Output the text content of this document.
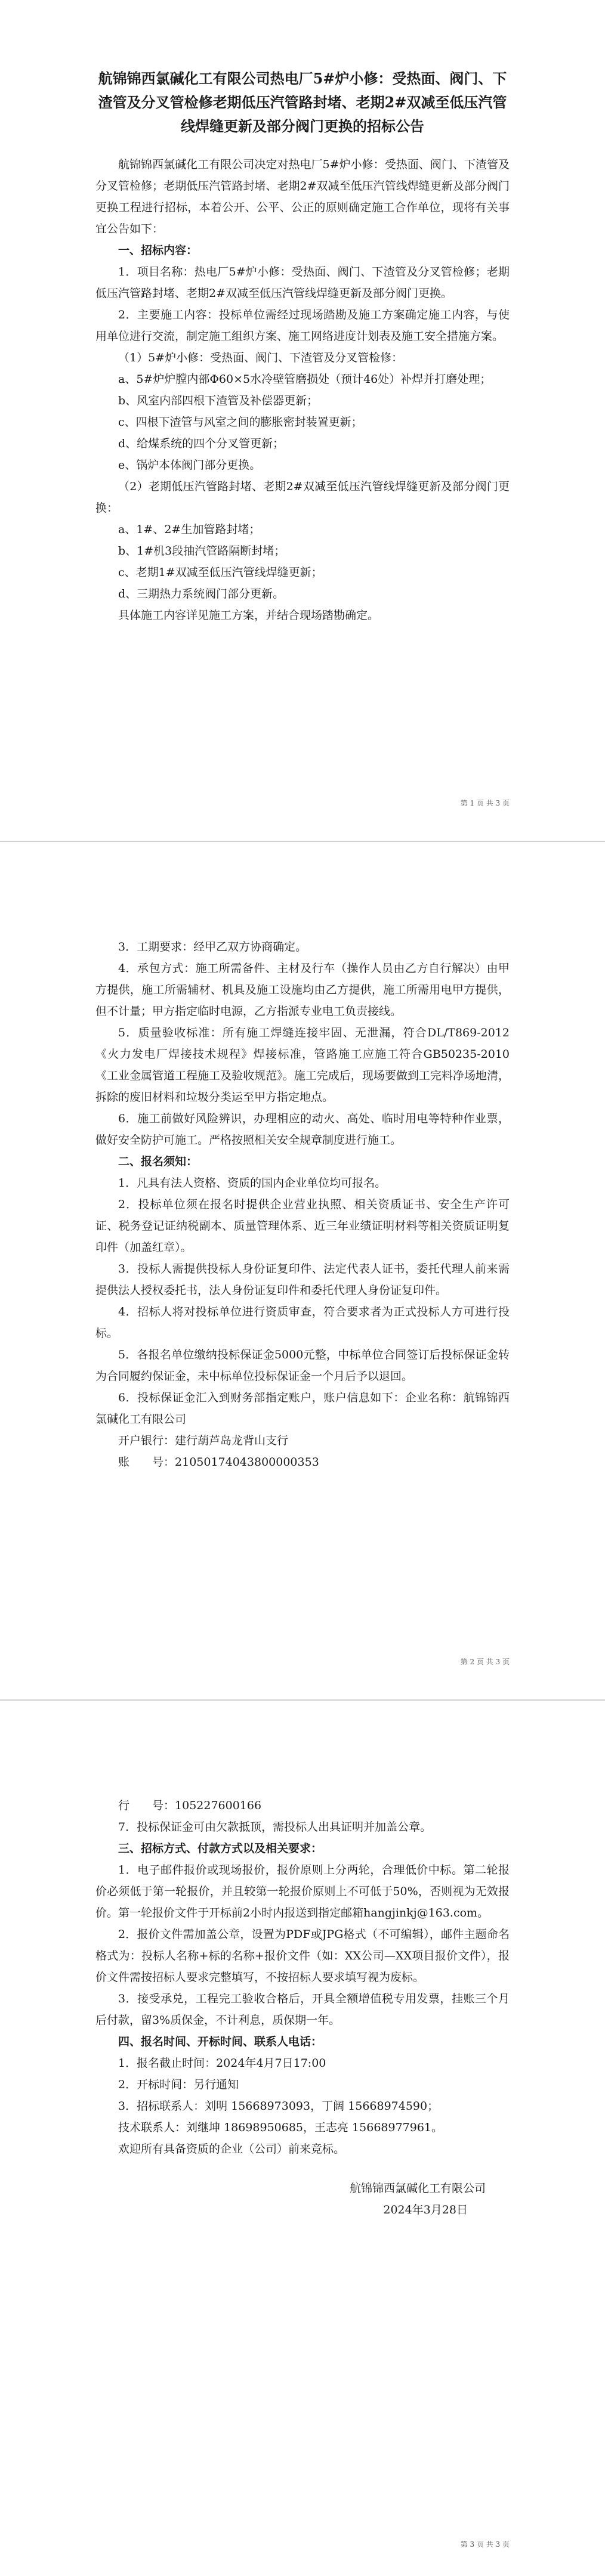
航锦锦西氯碱化工有限公司热电厂5#炉小修：受热面、阀门、下渣管及分叉管检修老期低压汽管路封堵、老期2#双减至低压汽管线焊缝更新及部分阀门更换的招标公告

航锦锦西氯碱化工有限公司决定对热电厂5#炉小修：受热面、阀门、下渣管及分叉管检修；老期低压汽管路封堵、老期2#双减至低压汽管线焊缝更新及部分阀门更换工程进行招标，本着公开、公平、公正的原则确定施工合作单位，现将有关事宜公告如下：

一、招标内容：

1．项目名称：热电厂5#炉小修：受热面、阀门、下渣管及分叉管检修；老期低压汽管路封堵、老期2#双减至低压汽管线焊缝更新及部分阀门更换。

2．主要施工内容：投标单位需经过现场踏勘及施工方案确定施工内容，与使用单位进行交流，制定施工组织方案、施工网络进度计划表及施工安全措施方案。

（1）5#炉小修：受热面、阀门、下渣管及分叉管检修：

a、5#炉炉膛内部Φ60×5水冷壁管磨损处（预计46处）补焊并打磨处理；

b、风室内部四根下渣管及补偿器更新；

c、四根下渣管与风室之间的膨胀密封装置更新；

d、给煤系统的四个分叉管更新；

e、锅炉本体阀门部分更换。

（2）老期低压汽管路封堵、老期2#双减至低压汽管线焊缝更新及部分阀门更换：

a、1#、2#生加管路封堵；

b、1#机3段抽汽管路隔断封堵；

c、老期1#双减至低压汽管线焊缝更新；

d、三期热力系统阀门部分更新。

具体施工内容详见施工方案，并结合现场踏勘确定。

第 1 页 共 3 页

3．工期要求：经甲乙双方协商确定。

4．承包方式：施工所需备件、主材及行车（操作人员由乙方自行解决）由甲方提供，施工所需辅材、机具及施工设施均由乙方提供，施工所需用电甲方提供，但不计量；甲方指定临时电源，乙方指派专业电工负责接线。

5．质量验收标准：所有施工焊缝连接牢固、无泄漏，符合DL/T869-2012《火力发电厂焊接技术规程》焊接标准，管路施工应施工符合GB50235-2010《工业金属管道工程施工及验收规范》。施工完成后，现场要做到工完料净场地清，拆除的废旧材料和垃圾分类运至甲方指定地点。

6．施工前做好风险辨识，办理相应的动火、高处、临时用电等特种作业票，做好安全防护可施工。严格按照相关安全规章制度进行施工。

二、报名须知：

1．凡具有法人资格、资质的国内企业单位均可报名。

2．投标单位须在报名时提供企业营业执照、相关资质证书、安全生产许可证、税务登记证纳税副本、质量管理体系、近三年业绩证明材料等相关资质证明复印件（加盖红章）。

3．投标人需提供投标人身份证复印件、法定代表人证书，委托代理人前来需提供法人授权委托书，法人身份证复印件和委托代理人身份证复印件。

4．招标人将对投标单位进行资质审查，符合要求者为正式投标人方可进行投标。

5．各报名单位缴纳投标保证金5000元整，中标单位合同签订后投标保证金转为合同履约保证金，未中标单位投标保证金一个月后予以退回。

6．投标保证金汇入到财务部指定账户，账户信息如下：企业名称：航锦锦西氯碱化工有限公司

开户银行：建行葫芦岛龙背山支行

账　　号：21050174043800000353

第 2 页 共 3 页

行　　号：105227600166

7．投标保证金可由欠款抵顶，需投标人出具证明并加盖公章。

三、招标方式、付款方式以及相关要求：

1．电子邮件报价或现场报价，报价原则上分两轮，合理低价中标。第二轮报价必须低于第一轮报价，并且较第一轮报价原则上不可低于50%，否则视为无效报价。第一轮报价文件于开标前2小时内报送到指定邮箱hangjinkj@163.com。

2．报价文件需加盖公章，设置为PDF或JPG格式（不可编辑），邮件主题命名格式为：投标人名称+标的名称+报价文件（如：XX公司—XX项目报价文件），报价文件需按招标人要求完整填写，不按招标人要求填写视为废标。

3．接受承兑，工程完工验收合格后，开具全额增值税专用发票，挂账三个月后付款，留3%质保金，不计利息，质保期一年。

四、报名时间、开标时间、联系人电话：

1．报名截止时间：2024年4月7日17:00

2．开标时间：另行通知

3．招标联系人：刘明 15668973093，丁阔 15668974590；

技术联系人：刘继坤 18698950685，王志亮 15668977961。

欢迎所有具备资质的企业（公司）前来竞标。

航锦锦西氯碱化工有限公司

2024年3月28日

第 3 页 共 3 页
